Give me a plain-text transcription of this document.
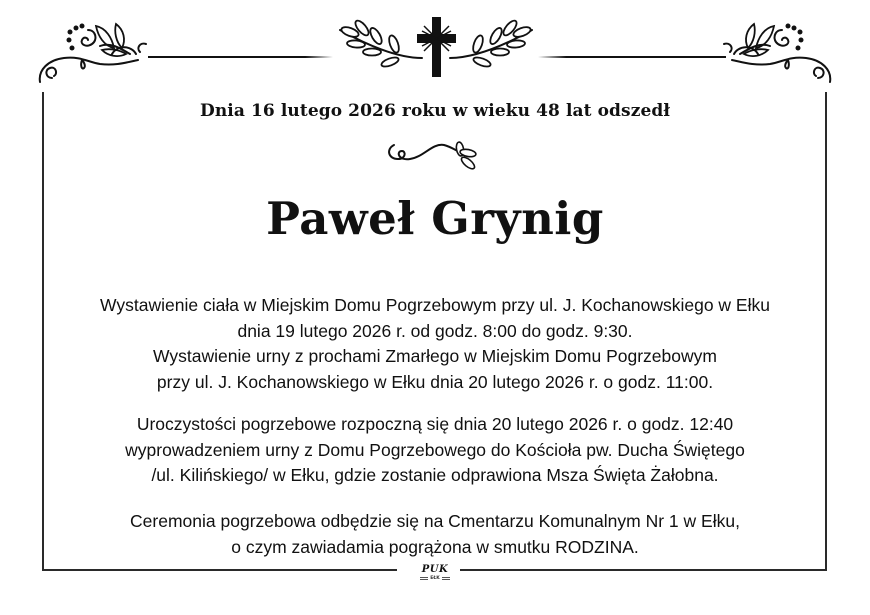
Dnia 16 lutego 2026 roku w wieku 48 lat odszedł
Paweł Grynig
Wystawienie ciała w Miejskim Domu Pogrzebowym przy ul. J. Kochanowskiego w Ełku
dnia 19 lutego 2026 r. od godz. 8:00 do godz. 9:30.
Wystawienie urny z prochami Zmarłego w Miejskim Domu Pogrzebowym
przy ul. J. Kochanowskiego w Ełku dnia 20 lutego 2026 r. o godz. 11:00.
Uroczystości pogrzebowe rozpoczną się dnia 20 lutego 2026 r. o godz. 12:40
wyprowadzeniem urny z Domu Pogrzebowego do Kościoła pw. Ducha Świętego
/ul. Kilińskiego/ w Ełku, gdzie zostanie odprawiona Msza Święta Żałobna.
Ceremonia pogrzebowa odbędzie się na Cmentarzu Komunalnym Nr 1 w Ełku,
o czym zawiadamia pogrążona w smutku RODZINA.
PUK
EŁK
